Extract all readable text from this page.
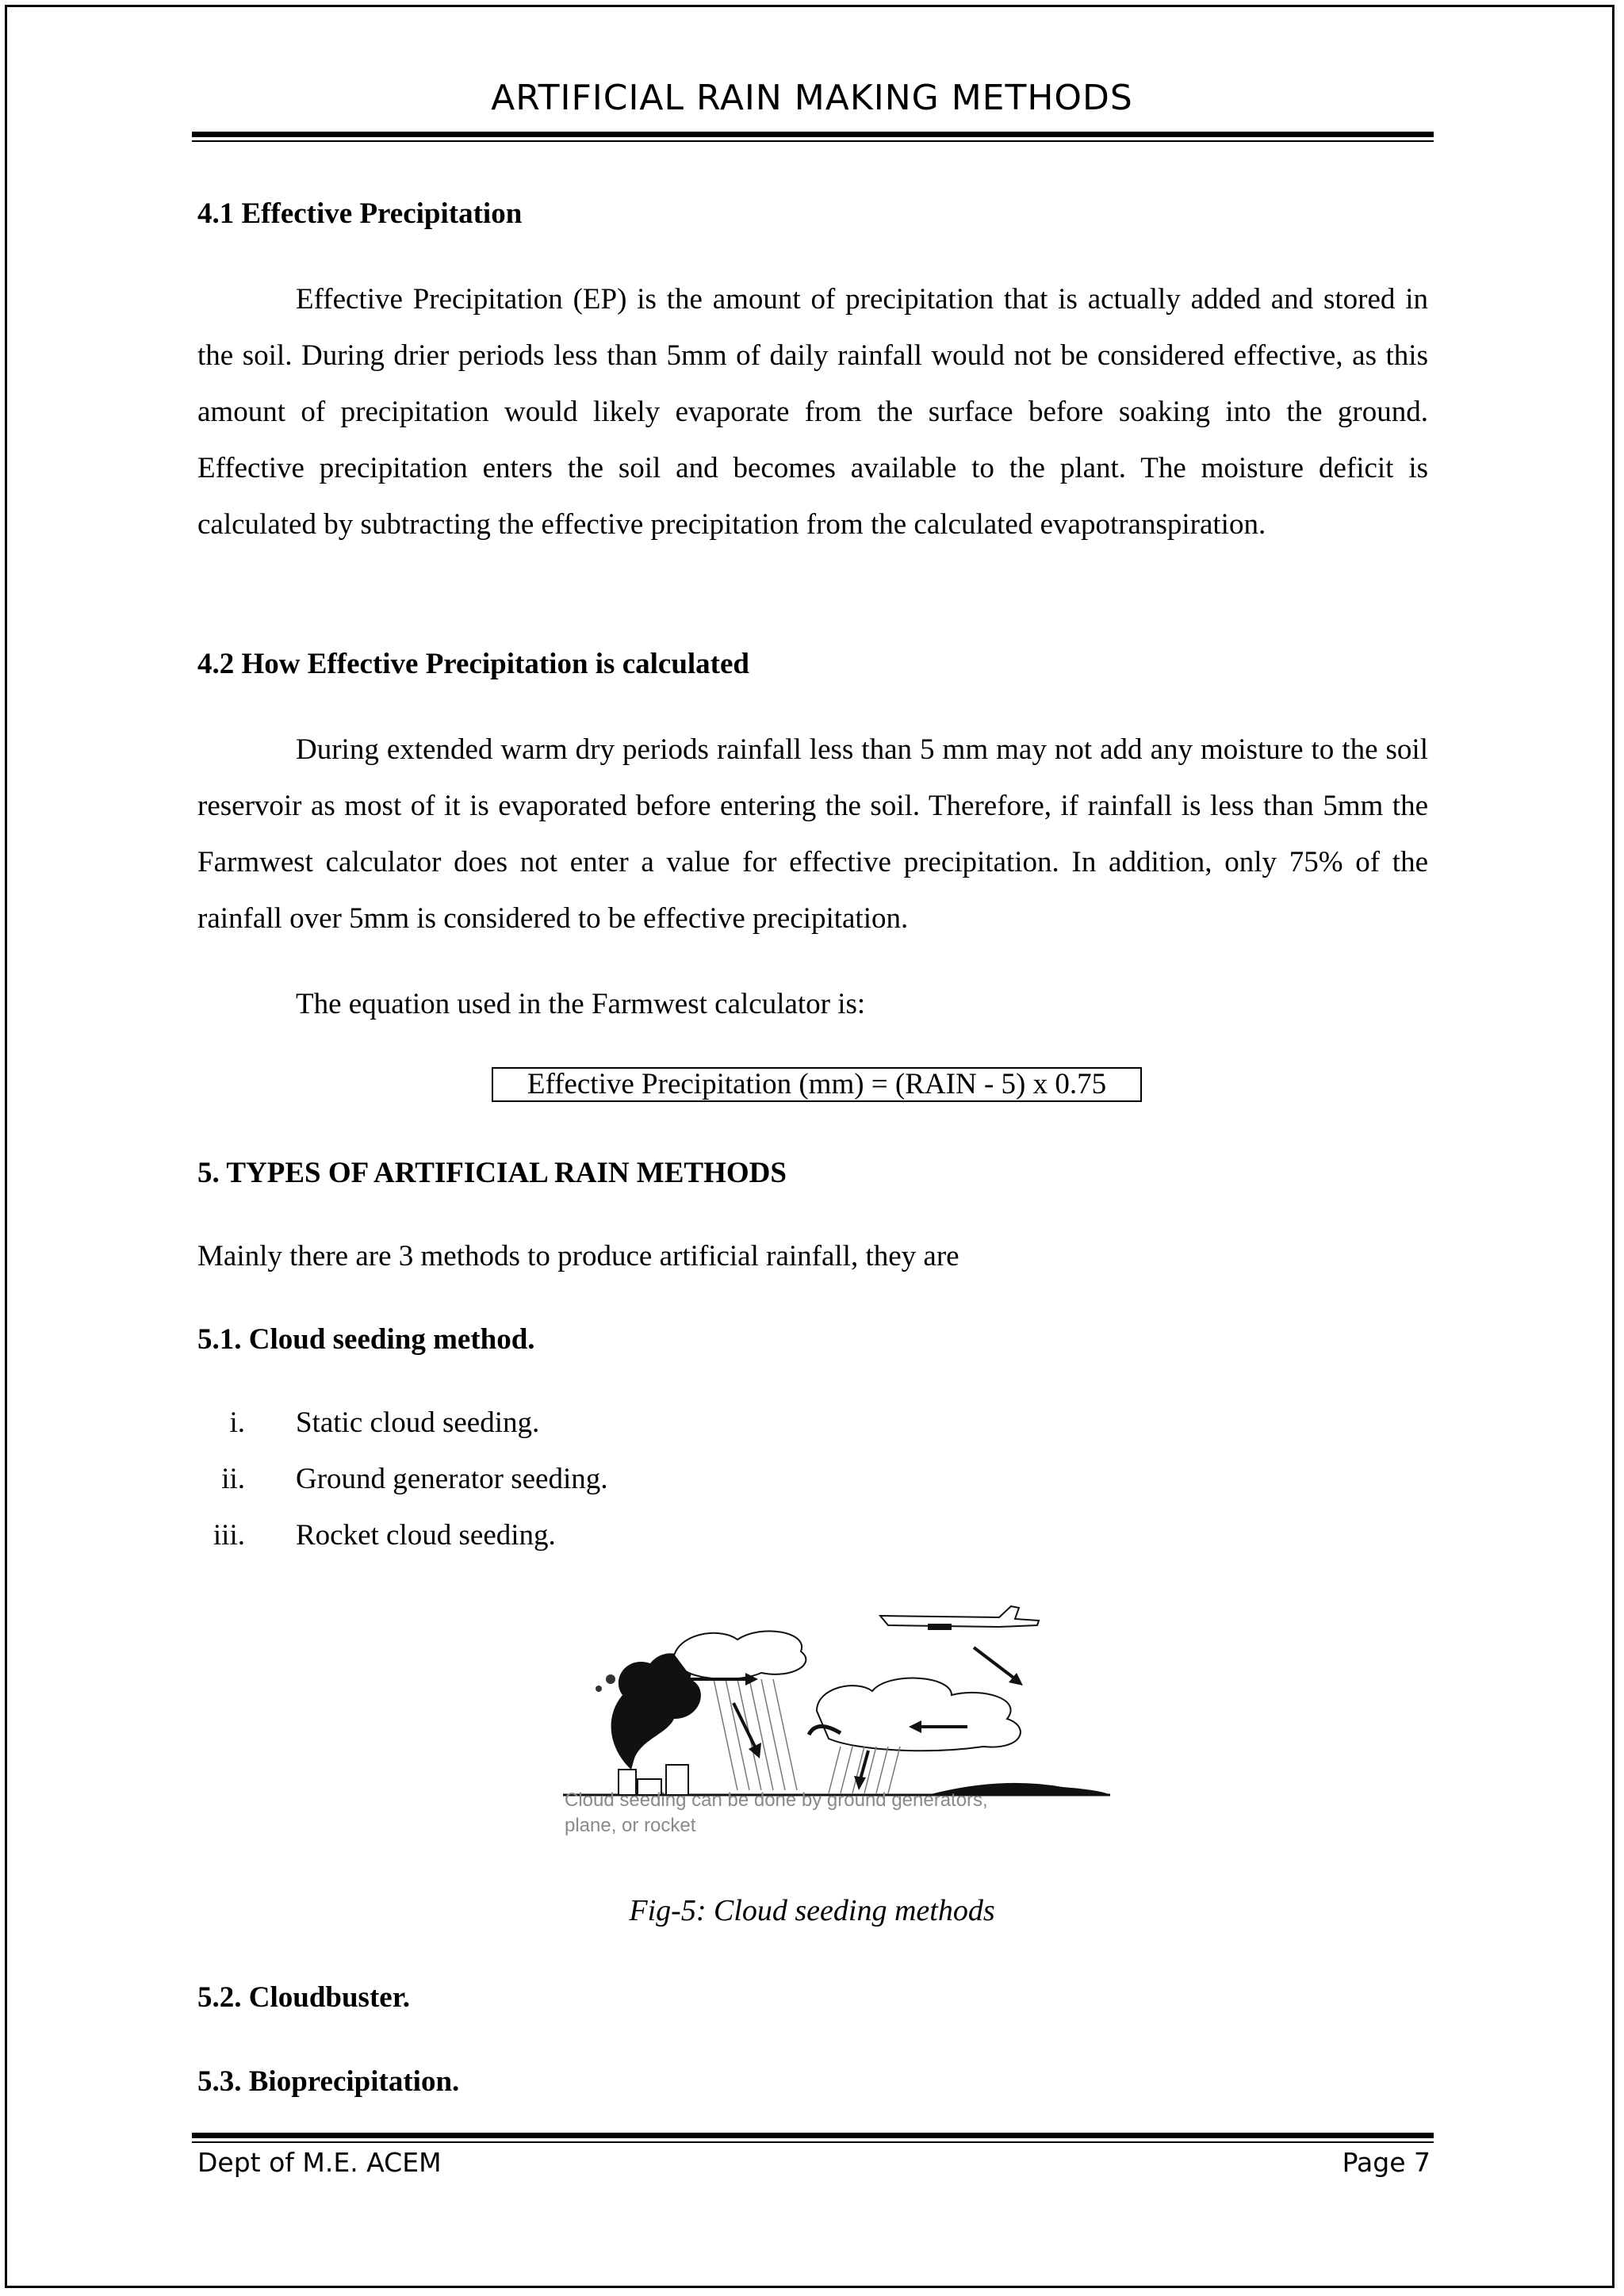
ARTIFICIAL RAIN MAKING METHODS
4.1 Effective Precipitation

Effective Precipitation (EP) is the amount of precipitation that is actually added and stored in the soil. During drier periods less than 5mm of daily rainfall would not be considered effective, as this amount of precipitation would likely evaporate from the surface before soaking into the ground. Effective precipitation enters the soil and becomes available to the plant. The moisture deficit is calculated by subtracting the effective precipitation from the calculated evapotranspiration.

4.2 How Effective Precipitation is calculated

During extended warm dry periods rainfall less than 5 mm may not add any moisture to the soil reservoir as most of it is evaporated before entering the soil. Therefore, if rainfall is less than 5mm the Farmwest calculator does not enter a value for effective precipitation. In addition, only 75% of the rainfall over 5mm is considered to be effective precipitation.

The equation used in the Farmwest calculator is:
Effective Precipitation (mm) = (RAIN - 5) x 0.75
5. TYPES OF ARTIFICIAL RAIN METHODS
Mainly there are 3 methods to produce artificial rainfall, they are
5.1. Cloud seeding method.
i. Static cloud seeding.
ii. Ground generator seeding.
iii. Rocket cloud seeding.
Cloud seeding can be done by ground generators,
plane, or rocket
Fig-5: Cloud seeding methods
5.2. Cloudbuster.
5.3. Bioprecipitation.
Dept of M.E. ACEM	Page 7
